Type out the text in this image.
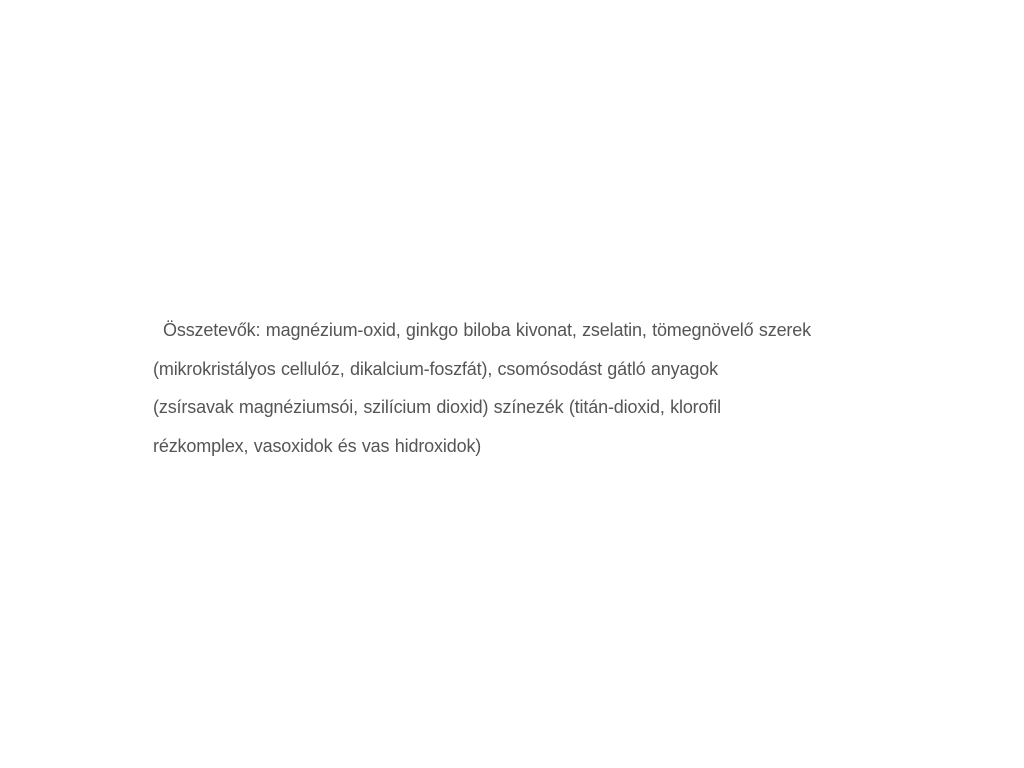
Összetevők: magnézium-oxid, ginkgo biloba kivonat, zselatin, tömegnövelő szerek
(mikrokristályos cellulóz, dikalcium-foszfát), csomósodást gátló anyagok
(zsírsavak magnéziumsói, szilícium dioxid) színezék (titán-dioxid, klorofil
rézkomplex, vasoxidok és vas hidroxidok)
